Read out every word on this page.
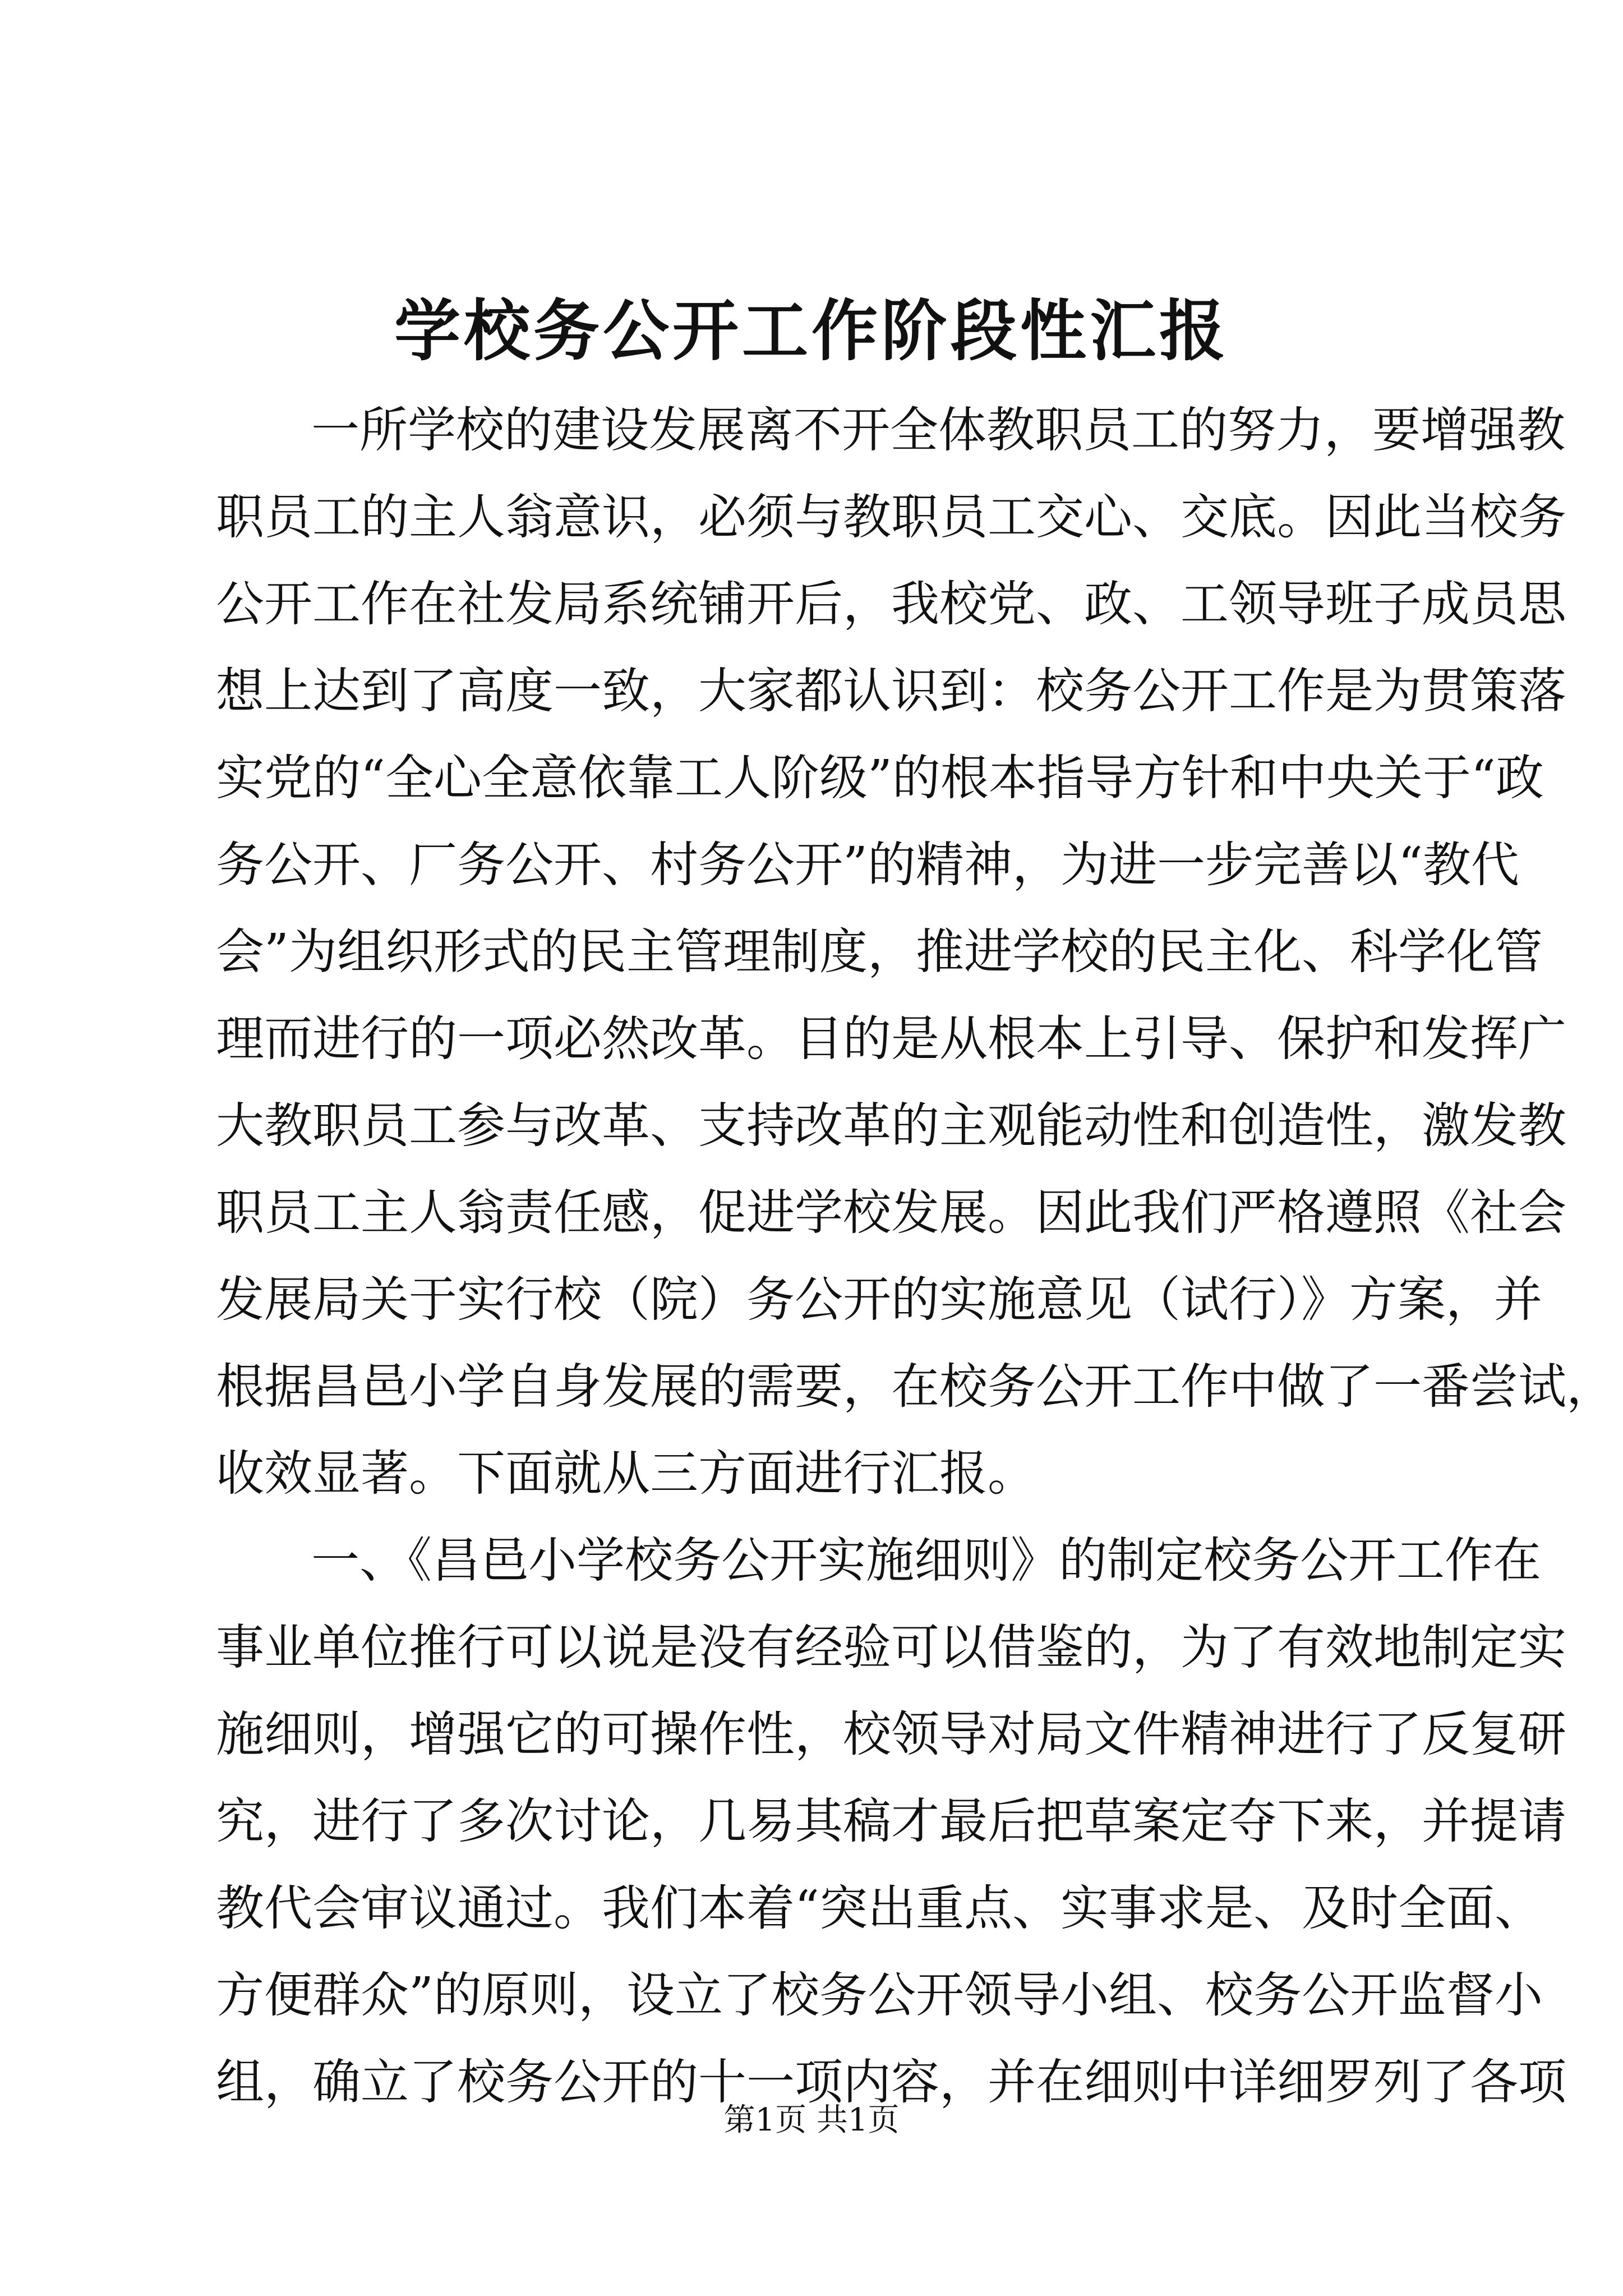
学校务公开工作阶段性汇报
一所学校的建设发展离不开全体教职员工的努力，要增强教
职员工的主人翁意识，必须与教职员工交心、交底。因此当校务
公开工作在社发局系统铺开后，我校党、政、工领导班子成员思
想上达到了高度一致，大家都认识到：校务公开工作是为贯策落
实党的“全心全意依靠工人阶级”的根本指导方针和中央关于“政
务公开、厂务公开、村务公开”的精神，为进一步完善以“教代
会”为组织形式的民主管理制度，推进学校的民主化、科学化管
理而进行的一项必然改革。目的是从根本上引导、保护和发挥广
大教职员工参与改革、支持改革的主观能动性和创造性，激发教
职员工主人翁责任感，促进学校发展。因此我们严格遵照《社会
发展局关于实行校（院）务公开的实施意见（试行）》方案，并
根据昌邑小学自身发展的需要，在校务公开工作中做了一番尝试，
收效显著。下面就从三方面进行汇报。
一、《昌邑小学校务公开实施细则》的制定校务公开工作在
事业单位推行可以说是没有经验可以借鉴的，为了有效地制定实
施细则，增强它的可操作性，校领导对局文件精神进行了反复研
究，进行了多次讨论，几易其稿才最后把草案定夺下来，并提请
教代会审议通过。我们本着“突出重点、实事求是、及时全面、
方便群众”的原则，设立了校务公开领导小组、校务公开监督小
组，确立了校务公开的十一项内容，并在细则中详细罗列了各项
第1页 共1页
